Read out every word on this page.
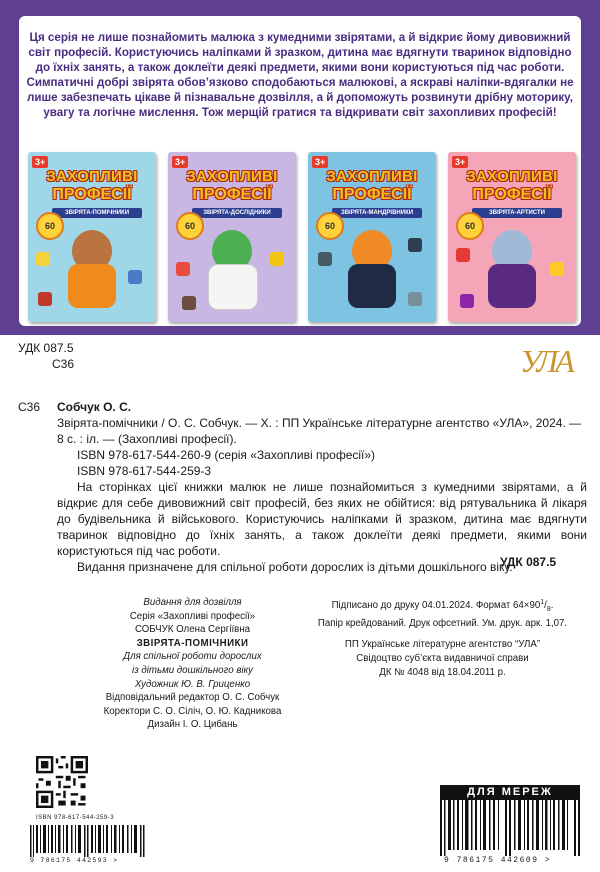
Ця серія не лише познайомить малюка з кумедними звірятами, а й відкриє йому дивовижний світ професій. Користуючись наліпками й зразком, дитина має вдягнути тваринок відповідно до їхніх занять, а також доклеїти деякі предмети, якими вони користуються під час роботи. Симпатичні добрі звірята обов’язково сподобаються малюкові, а яскраві наліпки-вдягалки не лише забезпечать цікаве й пізнавальне дозвілля, а й допоможуть розвинути дрібну моторику, увагу та логічне мислення. Тож мерщій гратися та відкривати світ захопливих професій!

3+
ЗАХОПЛИВІ
ПРОФЕСІЇ
ЗВІРЯТА-ПОМІЧНИКИ
60
3+
ЗАХОПЛИВІ
ПРОФЕСІЇ
ЗВІРЯТА-ДОСЛІДНИКИ
60
3+
ЗАХОПЛИВІ
ПРОФЕСІЇ
ЗВІРЯТА-МАНДРІВНИКИ
60
3+
ЗАХОПЛИВІ
ПРОФЕСІЇ
ЗВІРЯТА-АРТИСТИ
60
УДК 087.5
С36	УЛА
С36 Собчук О. С.

Звірята-помічники / О. С. Собчук. — Х. : ПП Українське літературне агентство «УЛА», 2024. — 8 с. : іл. — (Захопливі професії).

ISBN 978-617-544-260-9 (серія «Захопливі професії»)

ISBN 978-617-544-259-3

На сторінках цієї книжки малюк не лише познайомиться з кумедними звірятами, а й відкриє для себе дивовижний світ професій, без яких не обійтися: від рятувальника й лікаря до будівельника й військового. Користуючись наліпками й зразком, дитина має вдягнути тваринок відповідно до їхніх занять, а також доклеїти деякі предмети, якими вони користуються під час роботи.

Видання призначене для спільної роботи дорослих із дітьми дошкільного віку.

УДК 087.5

Видання для дозвілля

Серія «Захопливі професії»

СОБЧУК Олена Сергіївна

ЗВІРЯТА-ПОМІЧНИКИ

Для спільної роботи дорослих

із дітьми дошкільного віку

Художник Ю. В. Гриценко

Відповідальний редактор О. С. Собчук

Коректори С. О. Сіліч, О. Ю. Кадникова

Дизайн І. О. Цибань

Підписано до друку 04.01.2024. Формат $64\times 90^1/_8$.

Папір крейдований. Друк офсетний. Ум. друк. арк. 1,07.

ПП Українське літературне агентство “УЛА”

Свідоцтво суб’єкта видавничої справи

ДК № 4048 від 18.04.2011 р.

ISBN 978-617-544-259-3
9 786175 442593 >
ДЛЯ МЕРЕЖ
9 786175 442609 >
